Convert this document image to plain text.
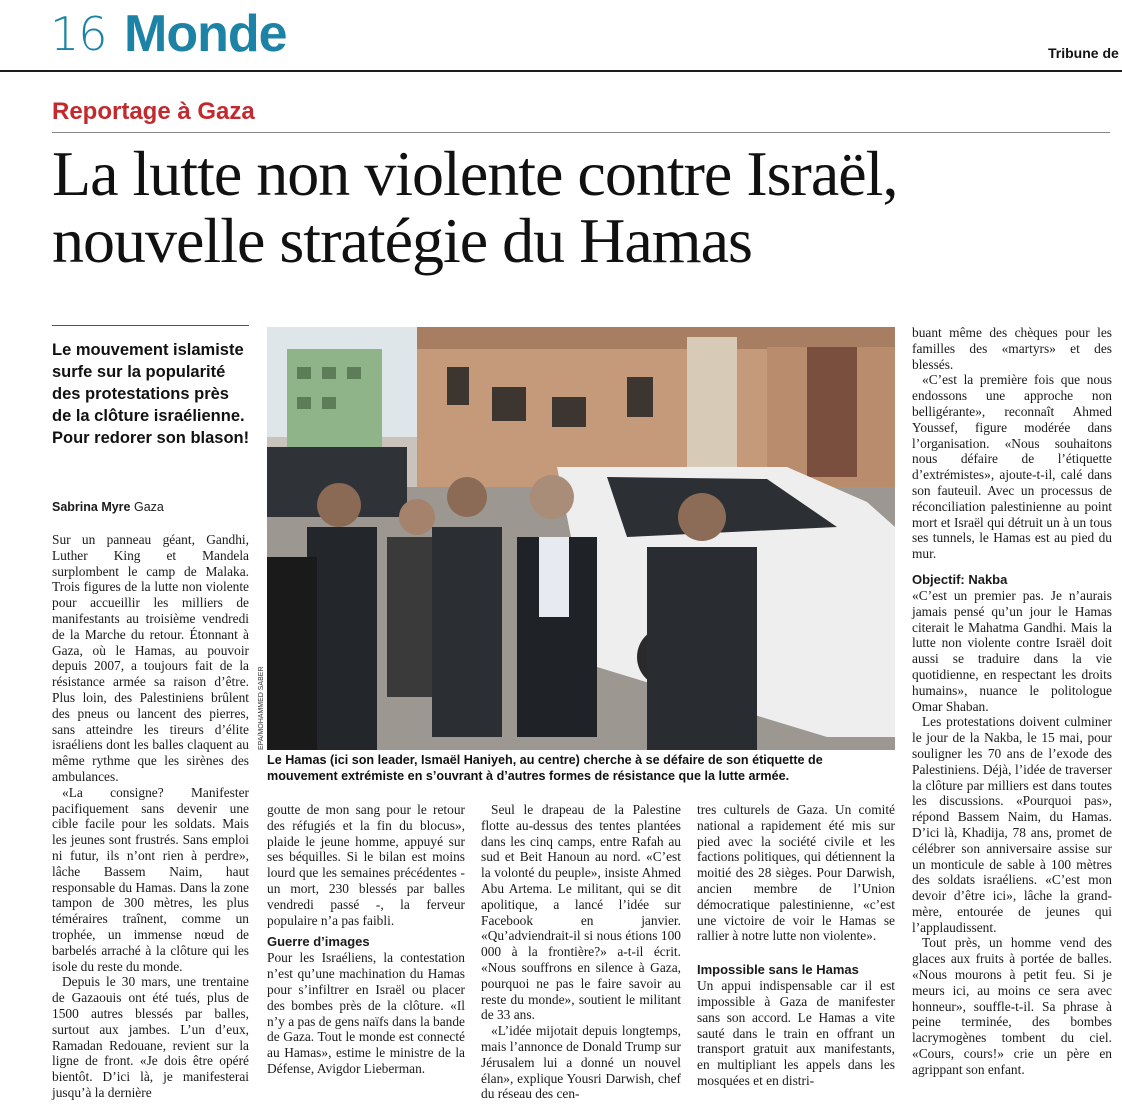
16 Monde	Tribune de
Reportage à Gaza
La lutte non violente contre Israël,
nouvelle stratégie du Hamas
Le mouvement islamiste surfe sur la popularité des protestations près de la clôture israélienne. Pour redorer son blason!
Sabrina Myre Gaza

Sur un panneau géant, Gandhi, Luther King et Mandela surplombent le camp de Malaka. Trois figures de la lutte non violente pour accueillir les milliers de manifestants au troisième vendredi de la Marche du retour. Étonnant à Gaza, où le Hamas, au pouvoir depuis 2007, a toujours fait de la résistance armée sa raison d’être. Plus loin, des Palestiniens brûlent des pneus ou lancent des pierres, sans atteindre les tireurs d’élite israéliens dont les balles claquent au même rythme que les sirènes des ambulances.

«La consigne? Manifester pacifiquement sans devenir une cible facile pour les soldats. Mais les jeunes sont frustrés. Sans emploi ni futur, ils n’ont rien à perdre», lâche Bassem Naim, haut responsable du Hamas. Dans la zone tampon de 300 mètres, les plus téméraires traînent, comme un trophée, un immense nœud de barbelés arraché à la clôture qui les isole du reste du monde.

Depuis le 30 mars, une trentaine de Gazaouis ont été tués, plus de 1500 autres blessés par balles, surtout aux jambes. L’un d’eux, Ramadan Redouane, revient sur la ligne de front. «Je dois être opéré bientôt. D’ici là, je manifesterai jusqu’à la dernière

EPA/MOHAMMED SABER
Le Hamas (ici son leader, Ismaël Haniyeh, au centre) cherche à se défaire de son étiquette de mouvement extrémiste en s’ouvrant à d’autres formes de résistance que la lutte armée.

goutte de mon sang pour le retour des réfugiés et la fin du blocus», plaide le jeune homme, appuyé sur ses béquilles. Si le bilan est moins lourd que les semaines précédentes - un mort, 230 blessés par balles vendredi passé -, la ferveur populaire n’a pas faibli.

Guerre d’images

Pour les Israéliens, la contestation n’est qu’une machination du Hamas pour s’infiltrer en Israël ou placer des bombes près de la clôture. «Il n’y a pas de gens naïfs dans la bande de Gaza. Tout le monde est connecté au Hamas», estime le ministre de la Défense, Avigdor Lieberman.

Seul le drapeau de la Palestine flotte au-dessus des tentes plantées dans les cinq camps, entre Rafah au sud et Beit Hanoun au nord. «C’est la volonté du peuple», insiste Ahmed Abu Artema. Le militant, qui se dit apolitique, a lancé l’idée sur Facebook en janvier. «Qu’adviendrait-il si nous étions 100 000 à la frontière?» a-t-il écrit. «Nous souffrons en silence à Gaza, pourquoi ne pas le faire savoir au reste du monde», soutient le militant de 33 ans.

«L’idée mijotait depuis longtemps, mais l’annonce de Donald Trump sur Jérusalem lui a donné un nouvel élan», explique Yousri Darwish, chef du réseau des cen-

tres culturels de Gaza. Un comité national a rapidement été mis sur pied avec la société civile et les factions politiques, qui détiennent la moitié des 28 sièges. Pour Darwish, ancien membre de l’Union démocratique palestinienne, «c’est une victoire de voir le Hamas se rallier à notre lutte non violente».

Impossible sans le Hamas

Un appui indispensable car il est impossible à Gaza de manifester sans son accord. Le Hamas a vite sauté dans le train en offrant un transport gratuit aux manifestants, en multipliant les appels dans les mosquées et en distri-

buant même des chèques pour les familles des «martyrs» et des blessés.

«C’est la première fois que nous endossons une approche non belligérante», reconnaît Ahmed Youssef, figure modérée dans l’organisation. «Nous souhaitons nous défaire de l’étiquette d’extrémistes», ajoute-t-il, calé dans son fauteuil. Avec un processus de réconciliation palestinienne au point mort et Israël qui détruit un à un tous ses tunnels, le Hamas est au pied du mur.

Objectif: Nakba

«C’est un premier pas. Je n’aurais jamais pensé qu’un jour le Hamas citerait le Mahatma Gandhi. Mais la lutte non violente contre Israël doit aussi se traduire dans la vie quotidienne, en respectant les droits humains», nuance le politologue Omar Shaban.

Les protestations doivent culminer le jour de la Nakba, le 15 mai, pour souligner les 70 ans de l’exode des Palestiniens. Déjà, l’idée de traverser la clôture par milliers est dans toutes les discussions. «Pourquoi pas», répond Bassem Naim, du Hamas. D’ici là, Khadija, 78 ans, promet de célébrer son anniversaire assise sur un monticule de sable à 100 mètres des soldats israéliens. «C’est mon devoir d’être ici», lâche la grand-mère, entourée de jeunes qui l’applaudissent.

Tout près, un homme vend des glaces aux fruits à portée de balles. «Nous mourons à petit feu. Si je meurs ici, au moins ce sera avec honneur», souffle-t-il. Sa phrase à peine terminée, des bombes lacrymogènes tombent du ciel. «Cours, cours!» crie un père en agrippant son enfant.
